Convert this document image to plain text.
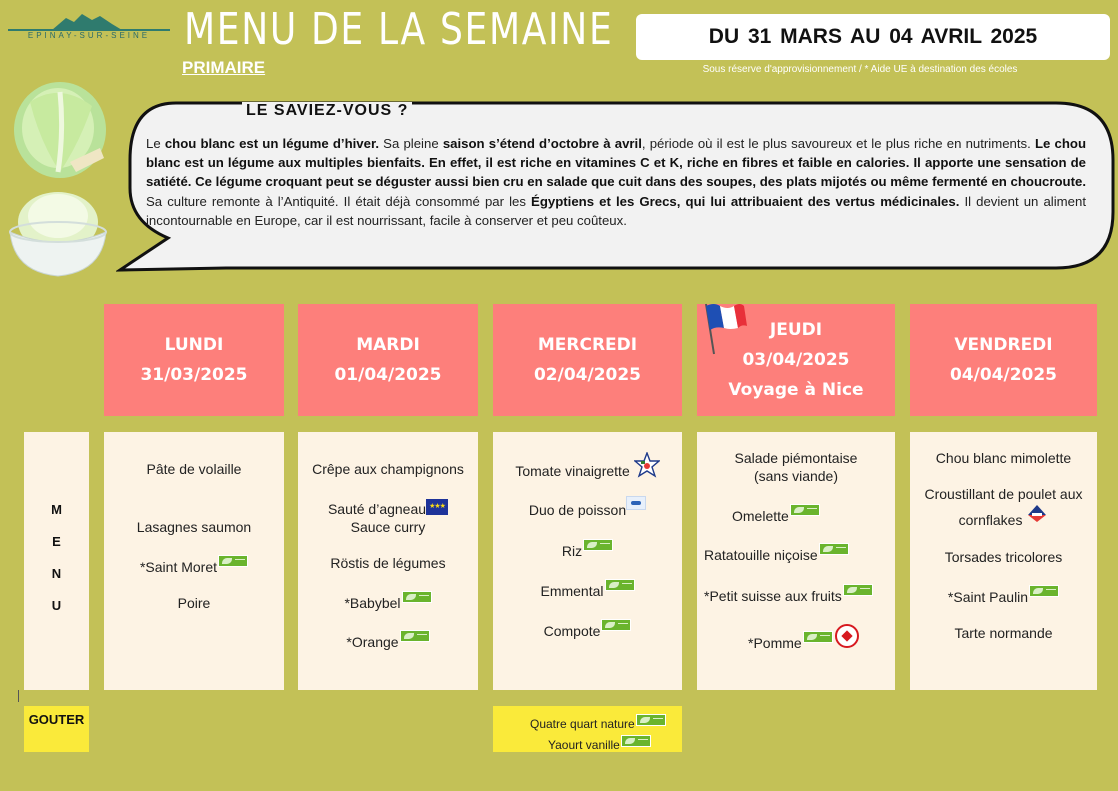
EPINAY-SUR-SEINE MENU DE LA SEMAINE
PRIMAIRE
DU 31 MARS AU 04 AVRIL 2025
Sous réserve d'approvisionnement / * Aide UE à destination des écoles
LE SAVIEZ-VOUS ?
Le chou blanc est un légume d’hiver. Sa pleine saison s’étend d’octobre à avril, période où il est le plus savoureux et le plus riche en nutriments. Le chou blanc est un légume aux multiples bienfaits. En effet, il est riche en vitamines C et K, riche en fibres et faible en calories. Il apporte une sensation de satiété. Ce légume croquant peut se déguster aussi bien cru en salade que cuit dans des soupes, des plats mijotés ou même fermenté en choucroute. Sa culture remonte à l’Antiquité. Il était déjà consommé par les Égyptiens et les Grecs, qui lui attribuaient des vertus médicinales. Il devient un aliment incontournable en Europe, car il est nourrissant, facile à conserver et peu coûteux.
LUNDI
31/03/2025
MARDI
01/04/2025
MERCREDI
02/04/2025
JEUDI
03/04/2025
Voyage à Nice
VENDREDI
04/04/2025
M
E
N
U
Pâte de volaille
Lasagnes saumon
*Saint Moret
Poire
Crêpe aux champignons
Sauté d’agneau ★★★
Sauce curry
Röstis de légumes
*Babybel
*Orange
Tomate vinaigrette
Duo de poisson
Riz
Emmental
Compote
Salade piémontaise
(sans viande)
Omelette
Ratatouille niçoise
*Petit suisse aux fruits
*Pomme
Chou blanc mimolette
Croustillant de poulet aux
cornflakes
Torsades tricolores
*Saint Paulin
Tarte normande
GOUTER	Quatre quart nature
Yaourt vanille
